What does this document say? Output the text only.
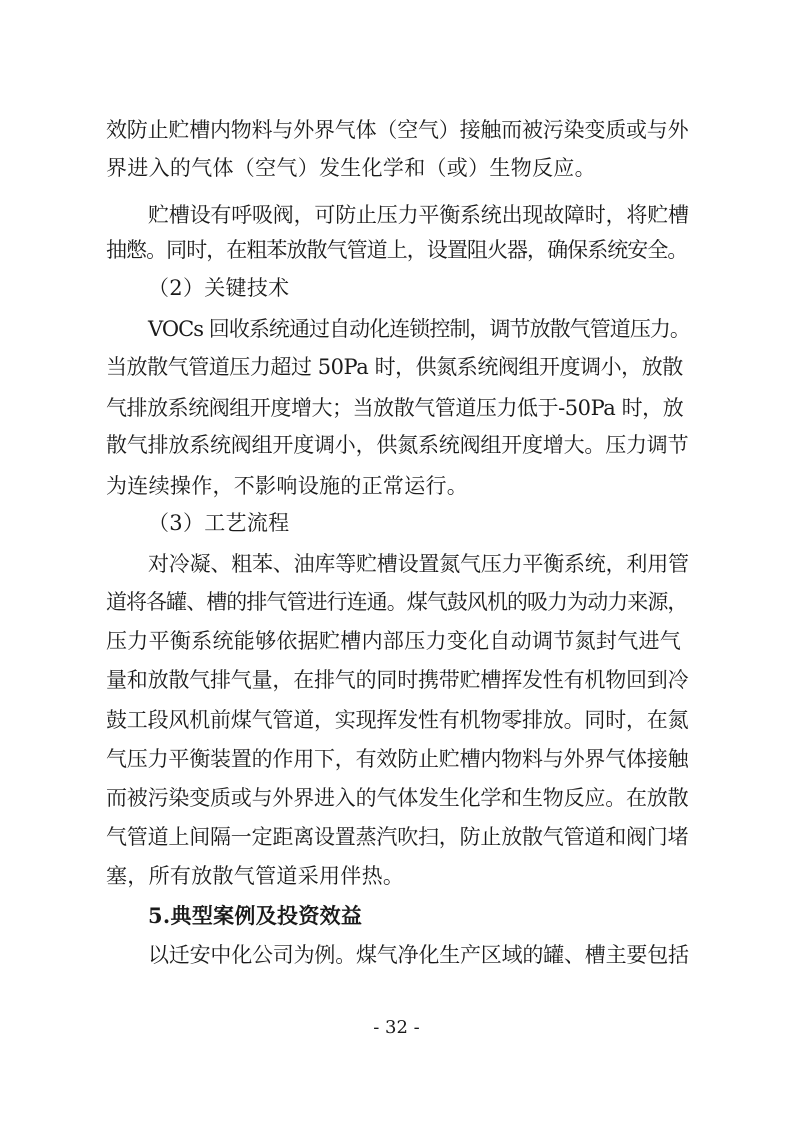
效防止贮槽内物料与外界气体（空气）接触而被污染变质或与外
界进入的气体（空气）发生化学和（或）生物反应。
贮槽设有呼吸阀，可防止压力平衡系统出现故障时，将贮槽
抽憋。同时，在粗苯放散气管道上，设置阻火器，确保系统安全。
（2）关键技术
VOCs 回收系统通过自动化连锁控制，调节放散气管道压力。
当放散气管道压力超过 50Pa 时，供氮系统阀组开度调小，放散
气排放系统阀组开度增大；当放散气管道压力低于-50Pa 时，放
散气排放系统阀组开度调小，供氮系统阀组开度增大。压力调节
为连续操作，不影响设施的正常运行。
（3）工艺流程
对冷凝、粗苯、油库等贮槽设置氮气压力平衡系统，利用管
道将各罐、槽的排气管进行连通。煤气鼓风机的吸力为动力来源，
压力平衡系统能够依据贮槽内部压力变化自动调节氮封气进气
量和放散气排气量，在排气的同时携带贮槽挥发性有机物回到冷
鼓工段风机前煤气管道，实现挥发性有机物零排放。同时，在氮
气压力平衡装置的作用下，有效防止贮槽内物料与外界气体接触
而被污染变质或与外界进入的气体发生化学和生物反应。在放散
气管道上间隔一定距离设置蒸汽吹扫，防止放散气管道和阀门堵
塞，所有放散气管道采用伴热。
5.典型案例及投资效益
以迁安中化公司为例。煤气净化生产区域的罐、槽主要包括
- 32 -
